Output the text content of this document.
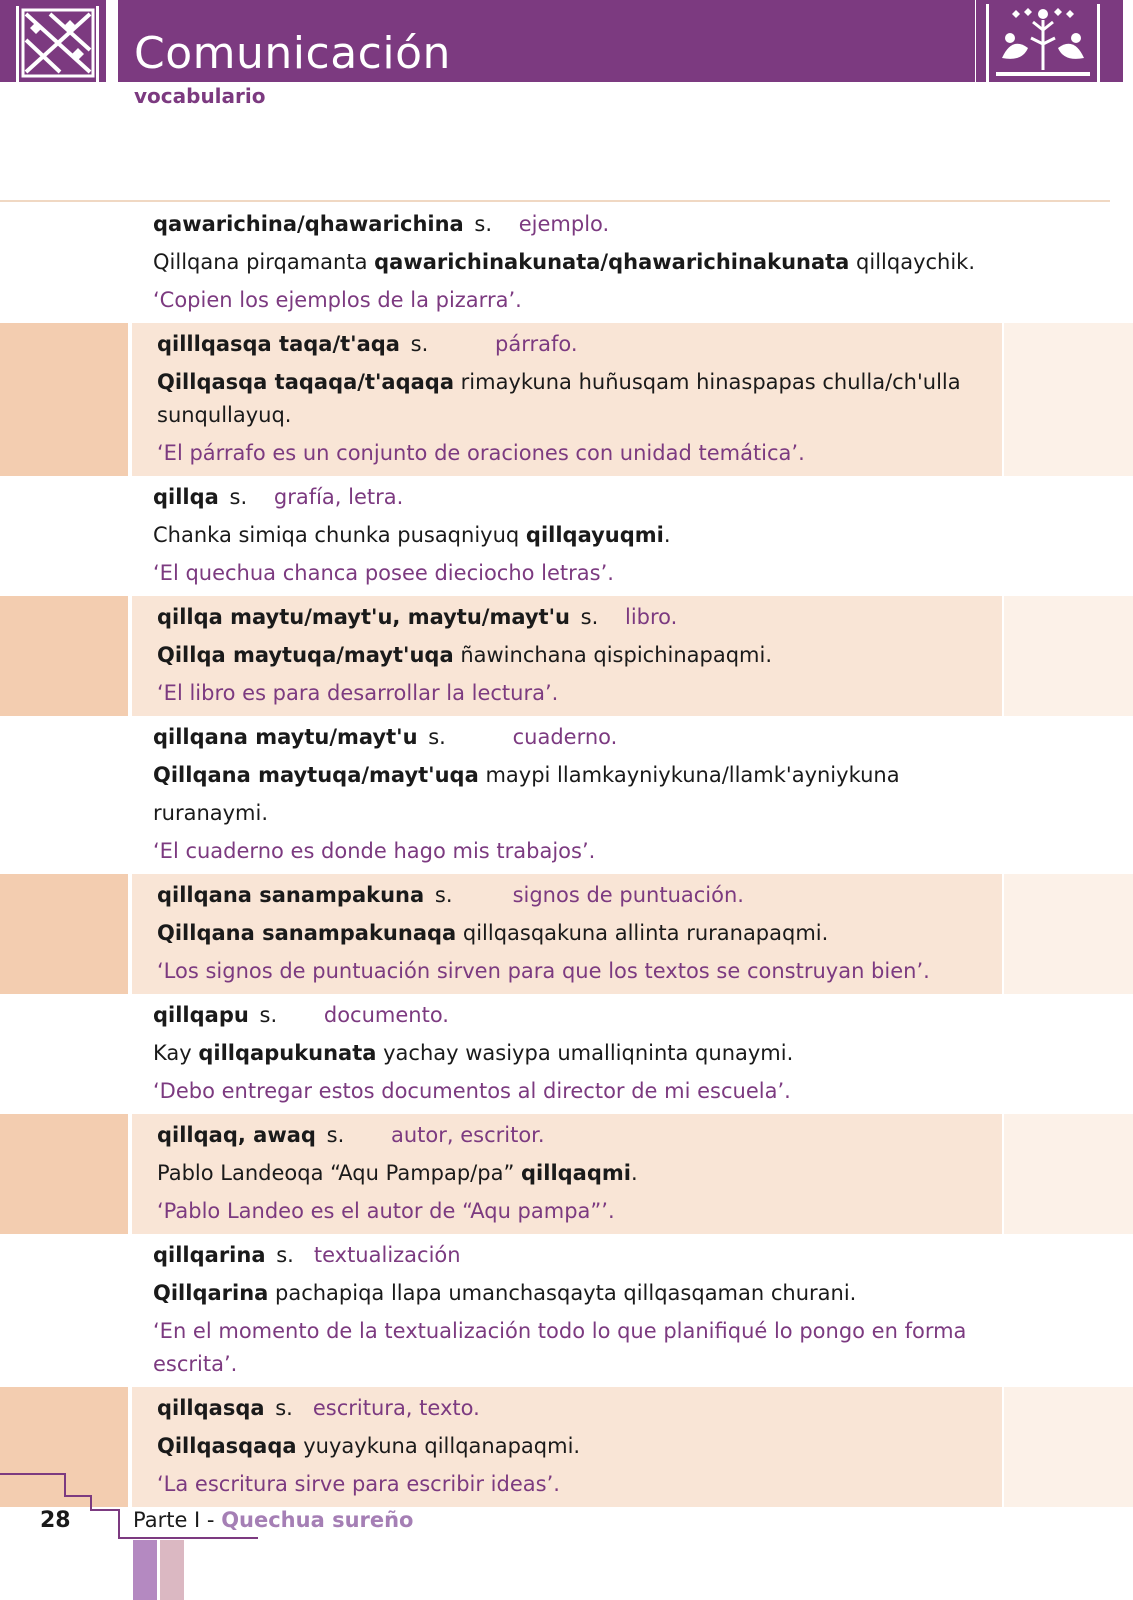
Comunicación
vocabulario
qawarichina/qhawarichina s. ejemplo.
Qillqana pirqamanta qawarichinakunata/qhawarichinakunata qillqaychik.
‘Copien los ejemplos de la pizarra’.
qilllqasqa taqa/t'aqa s.	párrafo.
Qillqasqa taqaqa/t'aqaqa rimaykuna huñusqam hinaspapas chulla/ch'ulla sunqullayuq.
‘El párrafo es un conjunto de oraciones con unidad temática’.
qillqa s. grafía, letra.
Chanka simiqa chunka pusaqniyuq qillqayuqmi.
‘El quechua chanca posee dieciocho letras’.
qillqa maytu/mayt'u, maytu/mayt'u s. libro.
Qillqa maytuqa/mayt'uqa ñawinchana qispichinapaqmi.
‘El libro es para desarrollar la lectura’.
qillqana maytu/mayt'u s.	cuaderno.
Qillqana maytuqa/mayt'uqa maypi llamkayniykuna/llamk'ayniykuna ruranaymi.
‘El cuaderno es donde hago mis trabajos’.
qillqana sanampakuna s.	signos de puntuación.
Qillqana sanampakunaqa qillqasqakuna allinta ruranapaqmi.
‘Los signos de puntuación sirven para que los textos se construyan bien’.
qillqapu s. documento.
Kay qillqapukunata yachay wasiypa umalliqninta qunaymi.
‘Debo entregar estos documentos al director de mi escuela’.
qillqaq, awaq s. autor, escritor.
Pablo Landeoqa “Aqu Pampap/pa” qillqaqmi.
‘Pablo Landeo es el autor de “Aqu pampa”’.
qillqarina s. textualización
Qillqarina pachapiqa llapa umanchasqayta qillqasqaman churani.
‘En el momento de la textualización todo lo que planifiqué lo pongo en forma escrita’.
qillqasqa s. escritura, texto.
Qillqasqaqa yuyaykuna qillqanapaqmi.
‘La escritura sirve para escribir ideas’.
28	Parte I - Quechua sureño
